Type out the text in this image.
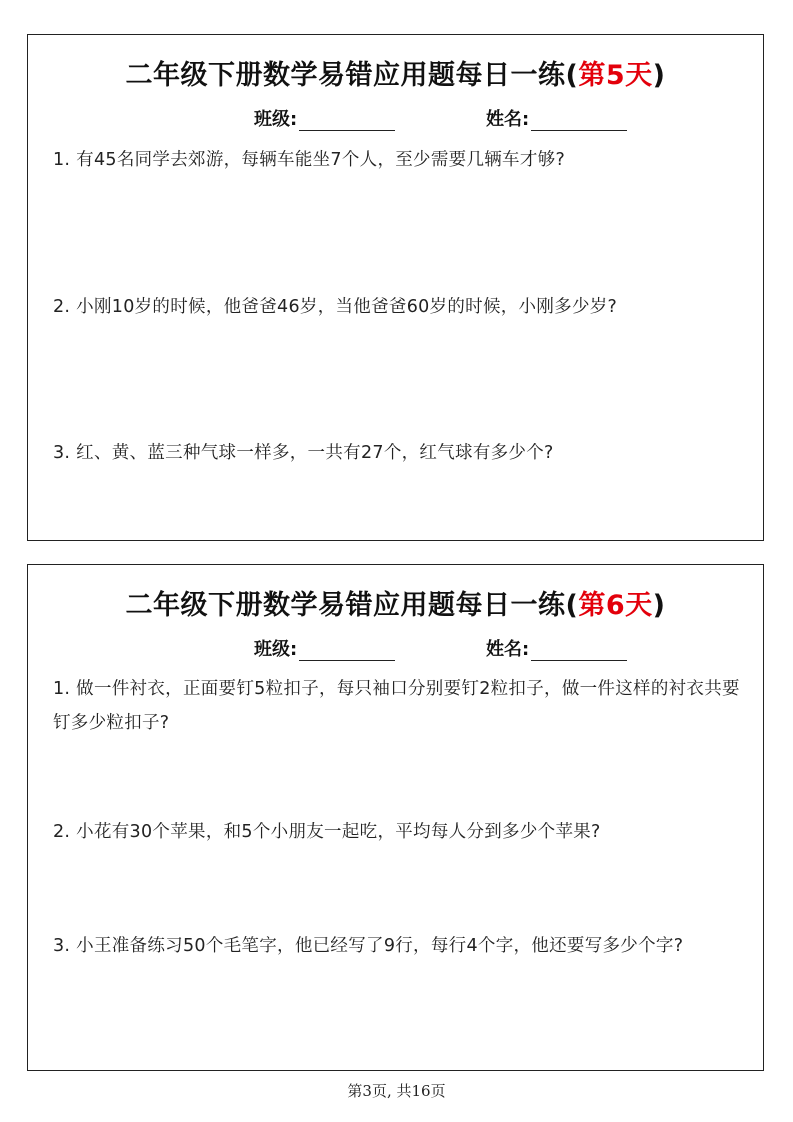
二年级下册数学易错应用题每日一练(第5天)
班级:	姓名:
1. 有45名同学去郊游，每辆车能坐7个人，至少需要几辆车才够?
2. 小刚10岁的时候，他爸爸46岁，当他爸爸60岁的时候，小刚多少岁?
3. 红、黄、蓝三种气球一样多，一共有27个，红气球有多少个?
二年级下册数学易错应用题每日一练(第6天)
班级:	姓名:
1. 做一件衬衣，正面要钉5粒扣子，每只袖口分别要钉2粒扣子，做一件这样的衬衣共要钉多少粒扣子?
2. 小花有30个苹果，和5个小朋友一起吃，平均每人分到多少个苹果?
3. 小王准备练习50个毛笔字，他已经写了9行，每行4个字，他还要写多少个字?
第3页, 共16页
